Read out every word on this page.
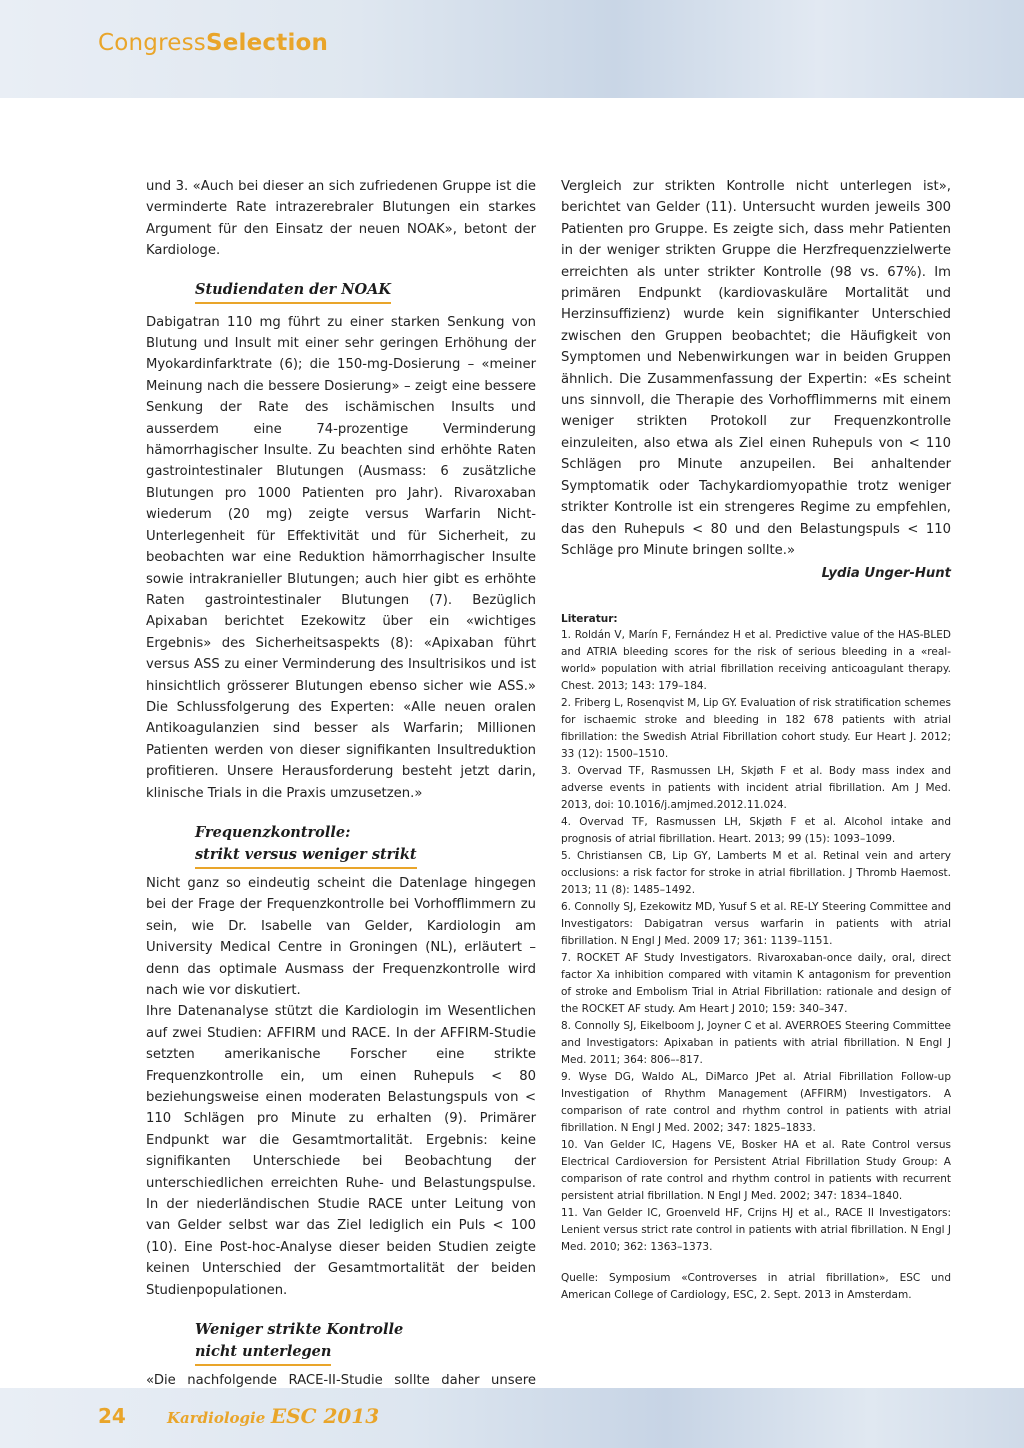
CongressSelection

und 3. «Auch bei dieser an sich zufriedenen Gruppe ist die verminderte Rate intrazerebraler Blutungen ein starkes Argument für den Einsatz der neuen NOAK», betont der Kardiologe.

Studiendaten der NOAK

Dabigatran 110 mg führt zu einer starken Senkung von Blutung und Insult mit einer sehr geringen Erhöhung der Myokardinfarktrate (6); die 150-mg-Dosierung – «meiner Meinung nach die bessere Dosierung» – zeigt eine bessere Senkung der Rate des ischämischen Insults und ausserdem eine 74-prozentige Verminderung hämorrhagischer Insulte. Zu beachten sind erhöhte Raten gastrointestinaler Blutungen (Ausmass: 6 zusätzliche Blutungen pro 1000 Patienten pro Jahr). Rivaroxaban wiederum (20 mg) zeigte versus Warfarin Nicht-Unterlegenheit für Effektivität und für Sicherheit, zu beobachten war eine Reduktion hämorrhagischer Insulte sowie intrakranieller Blutungen; auch hier gibt es erhöhte Raten gastrointestinaler Blutungen (7). Bezüglich Apixaban berichtet Ezekowitz über ein «wichtiges Ergebnis» des Sicherheitsaspekts (8): «Apixaban führt versus ASS zu einer Verminderung des Insultrisikos und ist hinsichtlich grösserer Blutungen ebenso sicher wie ASS.» Die Schlussfolgerung des Experten: «Alle neuen oralen Antikoagulanzien sind besser als Warfarin; Millionen Patienten werden von dieser signifikanten Insultreduktion profitieren. Unsere Herausforderung besteht jetzt darin, klinische Trials in die Praxis umzusetzen.»

Frequenzkontrolle:
strikt versus weniger strikt

Nicht ganz so eindeutig scheint die Datenlage hingegen bei der Frage der Frequenzkontrolle bei Vorhofflimmern zu sein, wie Dr. Isabelle van Gelder, Kardiologin am University Medical Centre in Groningen (NL), erläutert – denn das optimale Ausmass der Frequenzkontrolle wird nach wie vor diskutiert.

Ihre Datenanalyse stützt die Kardiologin im Wesentlichen auf zwei Studien: AFFIRM und RACE. In der AFFIRM-Studie setzten amerikanische Forscher eine strikte Frequenzkontrolle ein, um einen Ruhepuls < 80 beziehungsweise einen moderaten Belastungspuls von < 110 Schlägen pro Minute zu erhalten (9). Primärer Endpunkt war die Gesamtmortalität. Ergebnis: keine signifikanten Unterschiede bei Beobachtung der unterschiedlichen erreichten Ruhe- und Belastungspulse. In der niederländischen Studie RACE unter Leitung von van Gelder selbst war das Ziel lediglich ein Puls < 100 (10). Eine Post-hoc-Analyse dieser beiden Studien zeigte keinen Unterschied der Gesamtmortalität der beiden Studienpopulationen.

Weniger strikte Kontrolle
nicht unterlegen

«Die nachfolgende RACE-II-Studie sollte daher unsere

Vergleich zur strikten Kontrolle nicht unterlegen ist», berichtet van Gelder (11). Untersucht wurden jeweils 300 Patienten pro Gruppe. Es zeigte sich, dass mehr Patienten in der weniger strikten Gruppe die Herzfrequenzzielwerte erreichten als unter strikter Kontrolle (98 vs. 67%). Im primären Endpunkt (kardiovaskuläre Mortalität und Herzinsuffizienz) wurde kein signifikanter Unterschied zwischen den Gruppen beobachtet; die Häufigkeit von Symptomen und Nebenwirkungen war in beiden Gruppen ähnlich. Die Zusammenfassung der Expertin: «Es scheint uns sinnvoll, die Therapie des Vorhofflimmerns mit einem weniger strikten Protokoll zur Frequenzkontrolle einzuleiten, also etwa als Ziel einen Ruhepuls von < 110 Schlägen pro Minute anzupeilen. Bei anhaltender Symptomatik oder Tachykardiomyopathie trotz weniger strikter Kontrolle ist ein strengeres Regime zu empfehlen, das den Ruhepuls < 80 und den Belastungspuls < 110 Schläge pro Minute bringen sollte.»

Lydia Unger-Hunt
Literatur:

1. Roldán V, Marín F, Fernández H et al. Predictive value of the HAS-BLED and ATRIA bleeding scores for the risk of serious bleeding in a «real-world» population with atrial fibrillation receiving anticoagulant therapy. Chest. 2013; 143: 179–184.

2. Friberg L, Rosenqvist M, Lip GY. Evaluation of risk stratification schemes for ischaemic stroke and bleeding in 182 678 patients with atrial fibrillation: the Swedish Atrial Fibrillation cohort study. Eur Heart J. 2012; 33 (12): 1500–1510.

3. Overvad TF, Rasmussen LH, Skjøth F et al. Body mass index and adverse events in patients with incident atrial fibrillation. Am J Med. 2013, doi: 10.1016/j.amjmed.2012.11.024.

4. Overvad TF, Rasmussen LH, Skjøth F et al. Alcohol intake and prognosis of atrial fibrillation. Heart. 2013; 99 (15): 1093–1099.

5. Christiansen CB, Lip GY, Lamberts M et al. Retinal vein and artery occlusions: a risk factor for stroke in atrial fibrillation. J Thromb Haemost. 2013; 11 (8): 1485–1492.

6. Connolly SJ, Ezekowitz MD, Yusuf S et al. RE-LY Steering Committee and Investigators: Dabigatran versus warfarin in patients with atrial fibrillation. N Engl J Med. 2009 17; 361: 1139–1151.

7. ROCKET AF Study Investigators. Rivaroxaban-once daily, oral, direct factor Xa inhibition compared with vitamin K antagonism for prevention of stroke and Embolism Trial in Atrial Fibrillation: rationale and design of the ROCKET AF study. Am Heart J 2010; 159: 340–347.

8. Connolly SJ, Eikelboom J, Joyner C et al. AVERROES Steering Committee and Investigators: Apixaban in patients with atrial fibrillation. N Engl J Med. 2011; 364: 806–-817.

9. Wyse DG, Waldo AL, DiMarco JPet al. Atrial Fibrillation Follow-up Investigation of Rhythm Management (AFFIRM) Investigators. A comparison of rate control and rhythm control in patients with atrial fibrillation. N Engl J Med. 2002; 347: 1825–1833.

10. Van Gelder IC, Hagens VE, Bosker HA et al. Rate Control versus Electrical Cardioversion for Persistent Atrial Fibrillation Study Group: A comparison of rate control and rhythm control in patients with recurrent persistent atrial fibrillation. N Engl J Med. 2002; 347: 1834–1840.

11. Van Gelder IC, Groenveld HF, Crijns HJ et al., RACE II Investigators: Lenient versus strict rate control in patients with atrial fibrillation. N Engl J Med. 2010; 362: 1363–1373.

Quelle: Symposium «Controverses in atrial fibrillation», ESC und American College of Cardiology, ESC, 2. Sept. 2013 in Amsterdam.
24	Kardiologie ESC 2013
